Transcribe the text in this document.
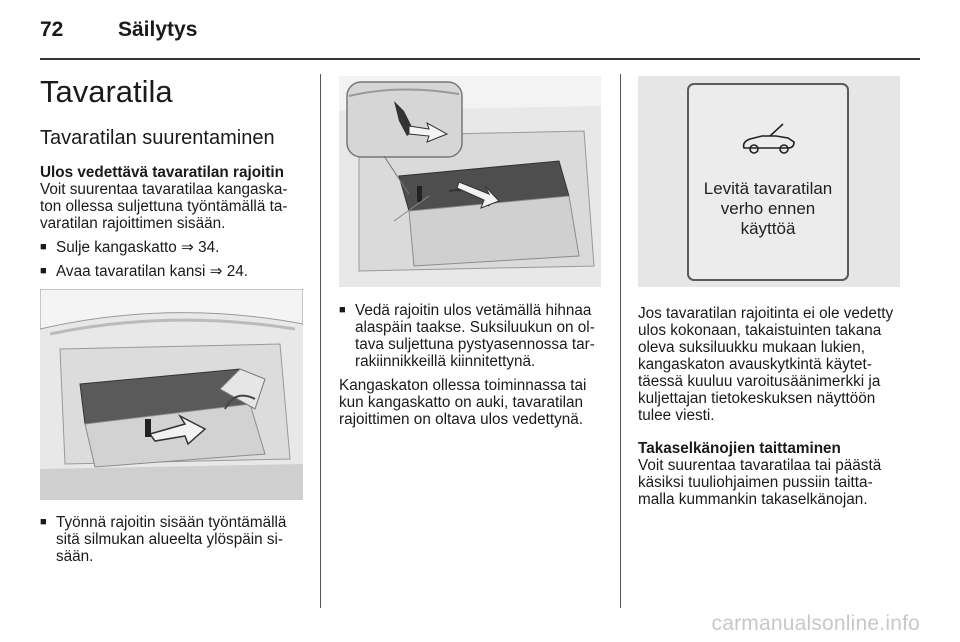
72	Säilytys
Tavaratila
Tavaratilan suurentaminen

Ulos vedettävä tavaratilan rajoitin

Voit suurentaa tavaratilaa kangaska-

ton ollessa suljettuna työntämällä ta-

varatilan rajoittimen sisään.

■ Sulje kangaskatto ⇒ 34.

■ Avaa tavaratilan kansi ⇒ 24.

■ Työnnä rajoitin sisään työntämällä

sitä silmukan alueelta ylöspäin si-

sään.

■ Vedä rajoitin ulos vetämällä hihnaa

alaspäin taakse. Suksiluukun on ol-

tava suljettuna pystyasennossa tar-

rakiinnikkeillä kiinnitettynä.

Kangaskaton ollessa toiminnassa tai

kun kangaskatto on auki, tavaratilan

rajoittimen on oltava ulos vedettynä.

Levitä tavaratilan
verho ennen
käyttöä

Jos tavaratilan rajoitinta ei ole vedetty

ulos kokonaan, takaistuinten takana

oleva suksiluukku mukaan lukien,

kangaskaton avauskytkintä käytet-

täessä kuuluu varoitusäänimerkki ja

kuljettajan tietokeskuksen näyttöön

tulee viesti.

Takaselkänojien taittaminen

Voit suurentaa tavaratilaa tai päästä

käsiksi tuuliohjaimen pussiin taitta-

malla kummankin takaselkänojan.

carmanualsonline.info
